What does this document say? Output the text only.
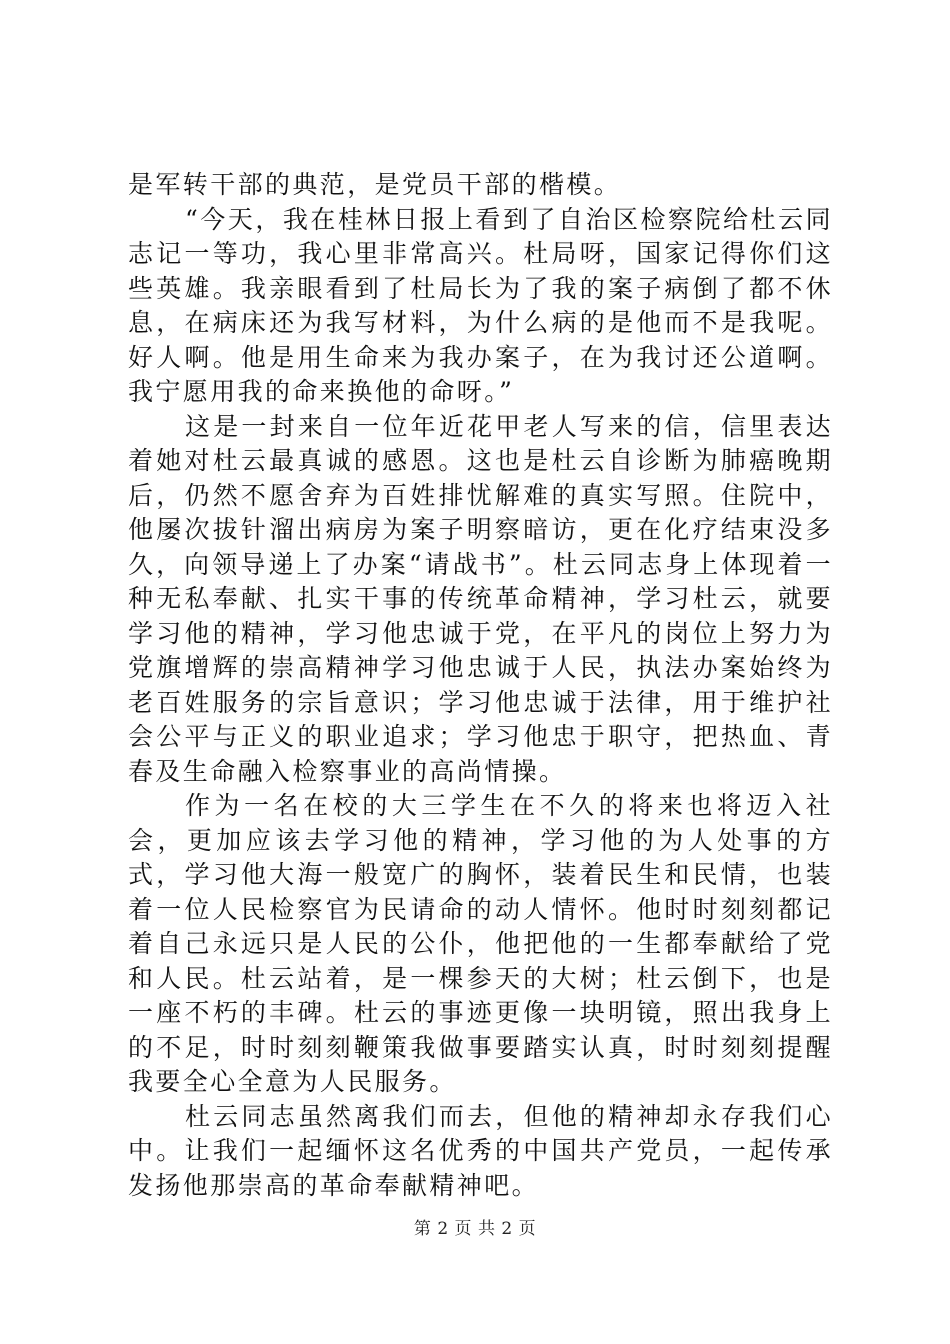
是军转干部的典范，是党员干部的楷模。

“今天，我在桂林日报上看到了自治区检察院给杜云同志记一等功，我心里非常高兴。杜局呀，国家记得你们这些英雄。我亲眼看到了杜局长为了我的案子病倒了都不休息，在病床还为我写材料，为什么病的是他而不是我呢。好人啊。他是用生命来为我办案子，在为我讨还公道啊。我宁愿用我的命来换他的命呀。”

这是一封来自一位年近花甲老人写来的信，信里表达着她对杜云最真诚的感恩。这也是杜云自诊断为肺癌晚期后，仍然不愿舍弃为百姓排忧解难的真实写照。住院中，他屡次拔针溜出病房为案子明察暗访，更在化疗结束没多久，向领导递上了办案“请战书”。杜云同志身上体现着一种无私奉献、扎实干事的传统革命精神，学习杜云，就要学习他的精神，学习他忠诚于党，在平凡的岗位上努力为党旗增辉的崇高精神学习他忠诚于人民，执法办案始终为老百姓服务的宗旨意识；学习他忠诚于法律，用于维护社会公平与正义的职业追求；学习他忠于职守，把热血、青春及生命融入检察事业的高尚情操。

作为一名在校的大三学生在不久的将来也将迈入社会，更加应该去学习他的精神，学习他的为人处事的方式，学习他大海一般宽广的胸怀，装着民生和民情，也装着一位人民检察官为民请命的动人情怀。他时时刻刻都记着自己永远只是人民的公仆，他把他的一生都奉献给了党和人民。杜云站着，是一棵参天的大树；杜云倒下，也是一座不朽的丰碑。杜云的事迹更像一块明镜，照出我身上的不足，时时刻刻鞭策我做事要踏实认真，时时刻刻提醒我要全心全意为人民服务。

杜云同志虽然离我们而去，但他的精神却永存我们心中。让我们一起缅怀这名优秀的中国共产党员，一起传承发扬他那崇高的革命奉献精神吧。

第 2 页 共 2 页
